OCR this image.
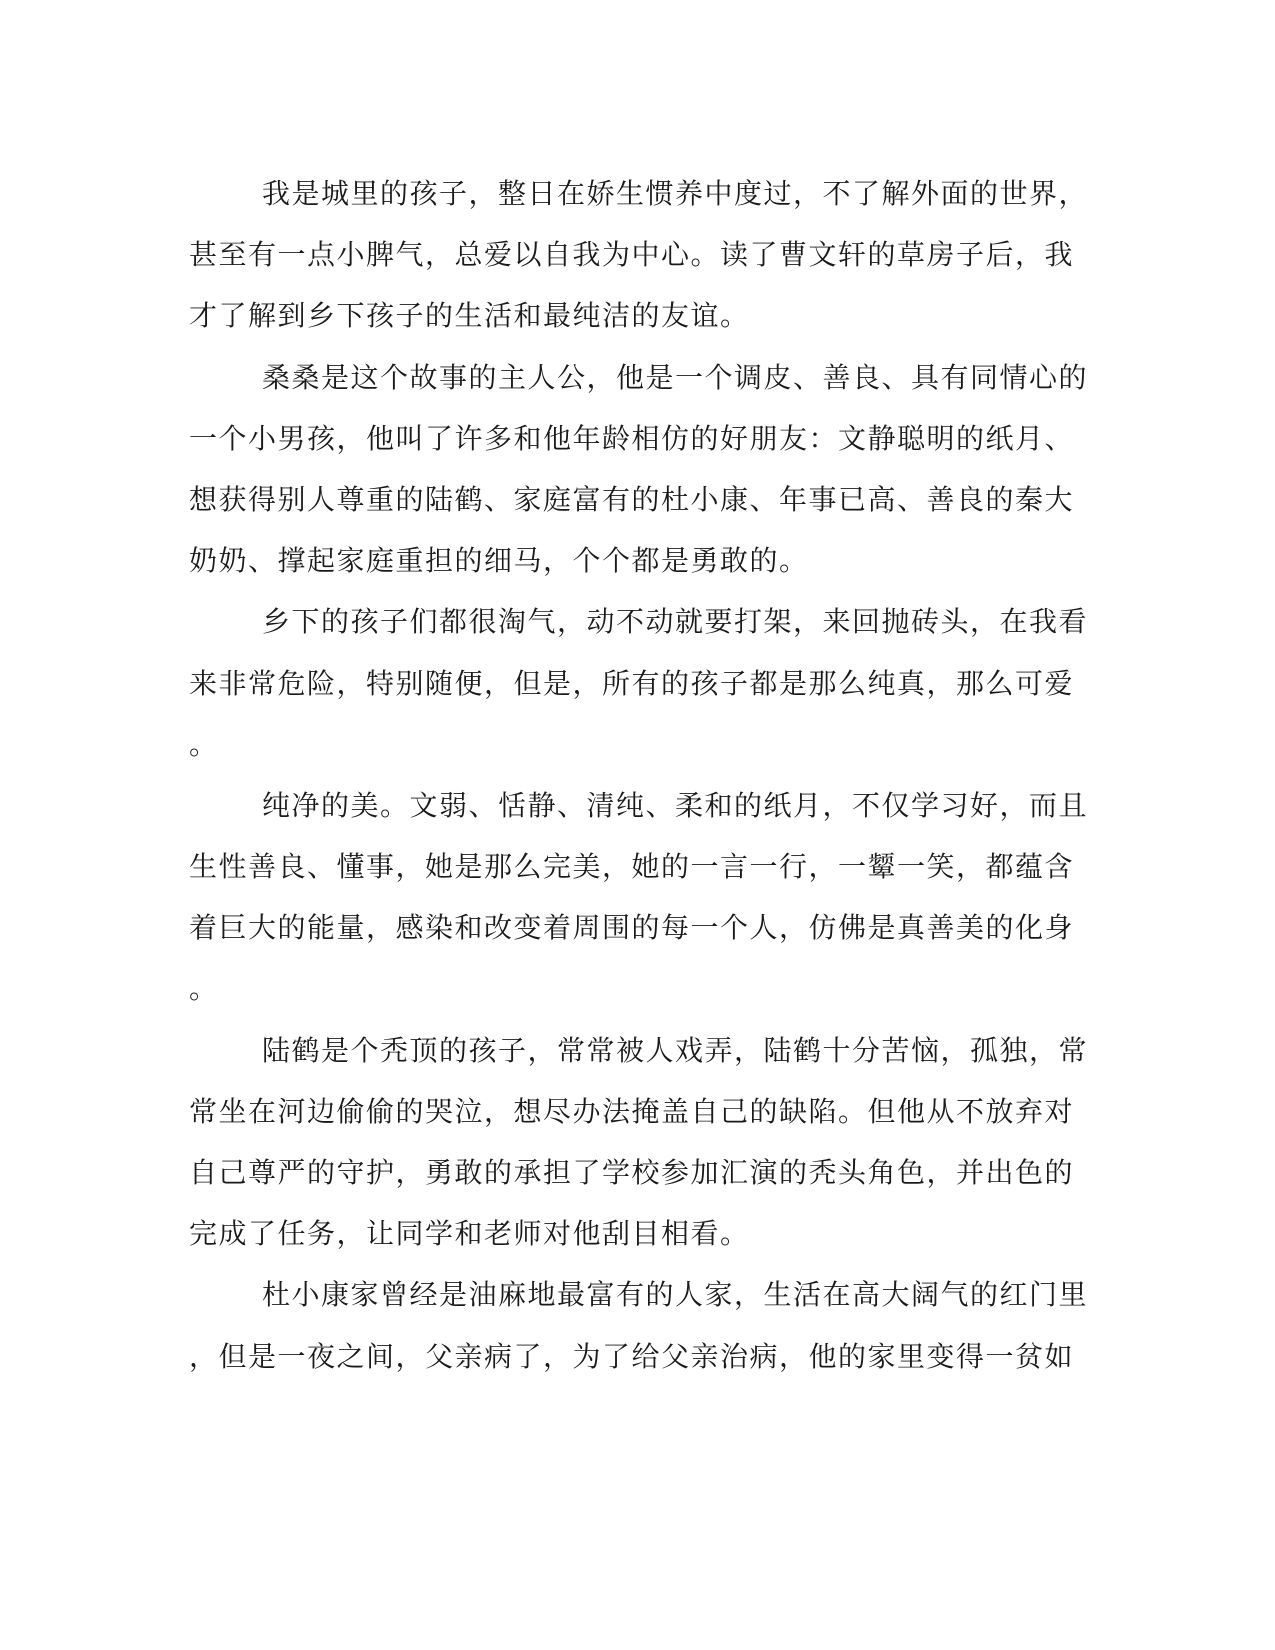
我是城里的孩子，整日在娇生惯养中度过，不了解外面的世界，
甚至有一点小脾气，总爱以自我为中心。读了曹文轩的草房子后，我
才了解到乡下孩子的生活和最纯洁的友谊。
桑桑是这个故事的主人公，他是一个调皮、善良、具有同情心的
一个小男孩，他叫了许多和他年龄相仿的好朋友：文静聪明的纸月、
想获得别人尊重的陆鹤、家庭富有的杜小康、年事已高、善良的秦大
奶奶、撑起家庭重担的细马，个个都是勇敢的。
乡下的孩子们都很淘气，动不动就要打架，来回抛砖头，在我看
来非常危险，特别随便，但是，所有的孩子都是那么纯真，那么可爱
。
纯净的美。文弱、恬静、清纯、柔和的纸月，不仅学习好，而且
生性善良、懂事，她是那么完美，她的一言一行，一颦一笑，都蕴含
着巨大的能量，感染和改变着周围的每一个人，仿佛是真善美的化身
。
陆鹤是个秃顶的孩子，常常被人戏弄，陆鹤十分苦恼，孤独，常
常坐在河边偷偷的哭泣，想尽办法掩盖自己的缺陷。但他从不放弃对
自己尊严的守护，勇敢的承担了学校参加汇演的秃头角色，并出色的
完成了任务，让同学和老师对他刮目相看。
杜小康家曾经是油麻地最富有的人家，生活在高大阔气的红门里
，但是一夜之间，父亲病了，为了给父亲治病，他的家里变得一贫如
